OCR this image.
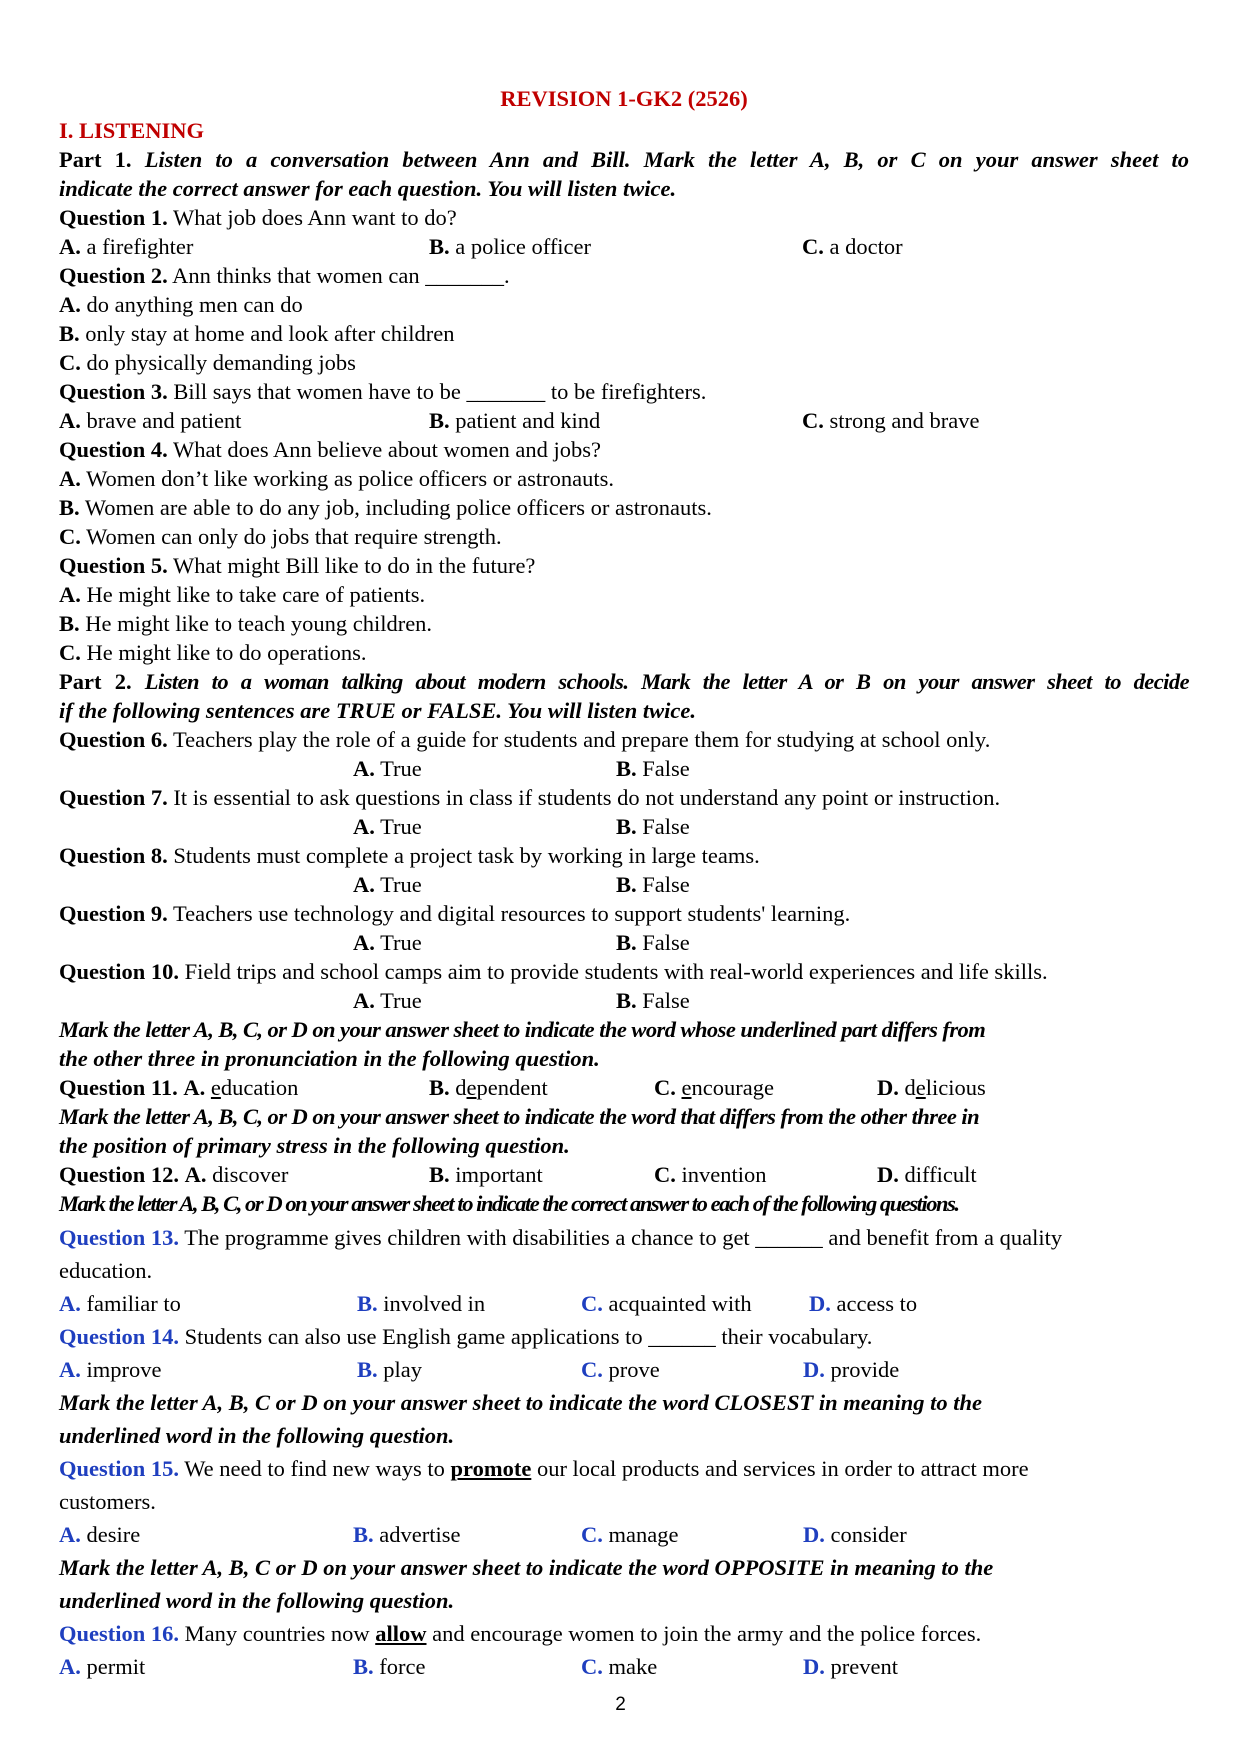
REVISION 1-GK2 (2526)
I. LISTENING
Part 1. Listen to a conversation between Ann and Bill. Mark the letter A, B, or C on your answer sheet to
indicate the correct answer for each question. You will listen twice.
Question 1. What job does Ann want to do?
A. a firefighter	B. a police officer	C. a doctor
Question 2. Ann thinks that women can _______.
A. do anything men can do
B. only stay at home and look after children
C. do physically demanding jobs
Question 3. Bill says that women have to be _______ to be firefighters.
A. brave and patient	B. patient and kind	C. strong and brave
Question 4. What does Ann believe about women and jobs?
A. Women don’t like working as police officers or astronauts.
B. Women are able to do any job, including police officers or astronauts.
C. Women can only do jobs that require strength.
Question 5. What might Bill like to do in the future?
A. He might like to take care of patients.
B. He might like to teach young children.
C. He might like to do operations.
Part 2. Listen to a woman talking about modern schools. Mark the letter A or B on your answer sheet to decide
if the following sentences are TRUE or FALSE. You will listen twice.
Question 6. Teachers play the role of a guide for students and prepare them for studying at school only.
A. True	B. False
Question 7. It is essential to ask questions in class if students do not understand any point or instruction.
A. True	B. False
Question 8. Students must complete a project task by working in large teams.
A. True	B. False
Question 9. Teachers use technology and digital resources to support students' learning.
A. True	B. False
Question 10. Field trips and school camps aim to provide students with real-world experiences and life skills.
A. True	B. False
Mark the letter A, B, C, or D on your answer sheet to indicate the word whose underlined part differs from
the other three in pronunciation in the following question.
Question 11. A. education	B. dependent	C. encourage	D. delicious
Mark the letter A, B, C, or D on your answer sheet to indicate the word that differs from the other three in
the position of primary stress in the following question.
Question 12. A. discover	B. important	C. invention	D. difficult
Mark the letter A, B, C, or D on your answer sheet to indicate the correct answer to each of the following questions.
Question 13. The programme gives children with disabilities a chance to get ______ and benefit from a quality
education.
A. familiar to	B. involved in	C. acquainted with	D. access to
Question 14. Students can also use English game applications to ______ their vocabulary.
A. improve	B. play	C. prove	D. provide
Mark the letter A, B, C or D on your answer sheet to indicate the word CLOSEST in meaning to the
underlined word in the following question.
Question 15. We need to find new ways to promote our local products and services in order to attract more
customers.
A. desire	B. advertise	C. manage	D. consider
Mark the letter A, B, C or D on your answer sheet to indicate the word OPPOSITE in meaning to the
underlined word in the following question.
Question 16. Many countries now allow and encourage women to join the army and the police forces.
A. permit	B. force	C. make	D. prevent
2
